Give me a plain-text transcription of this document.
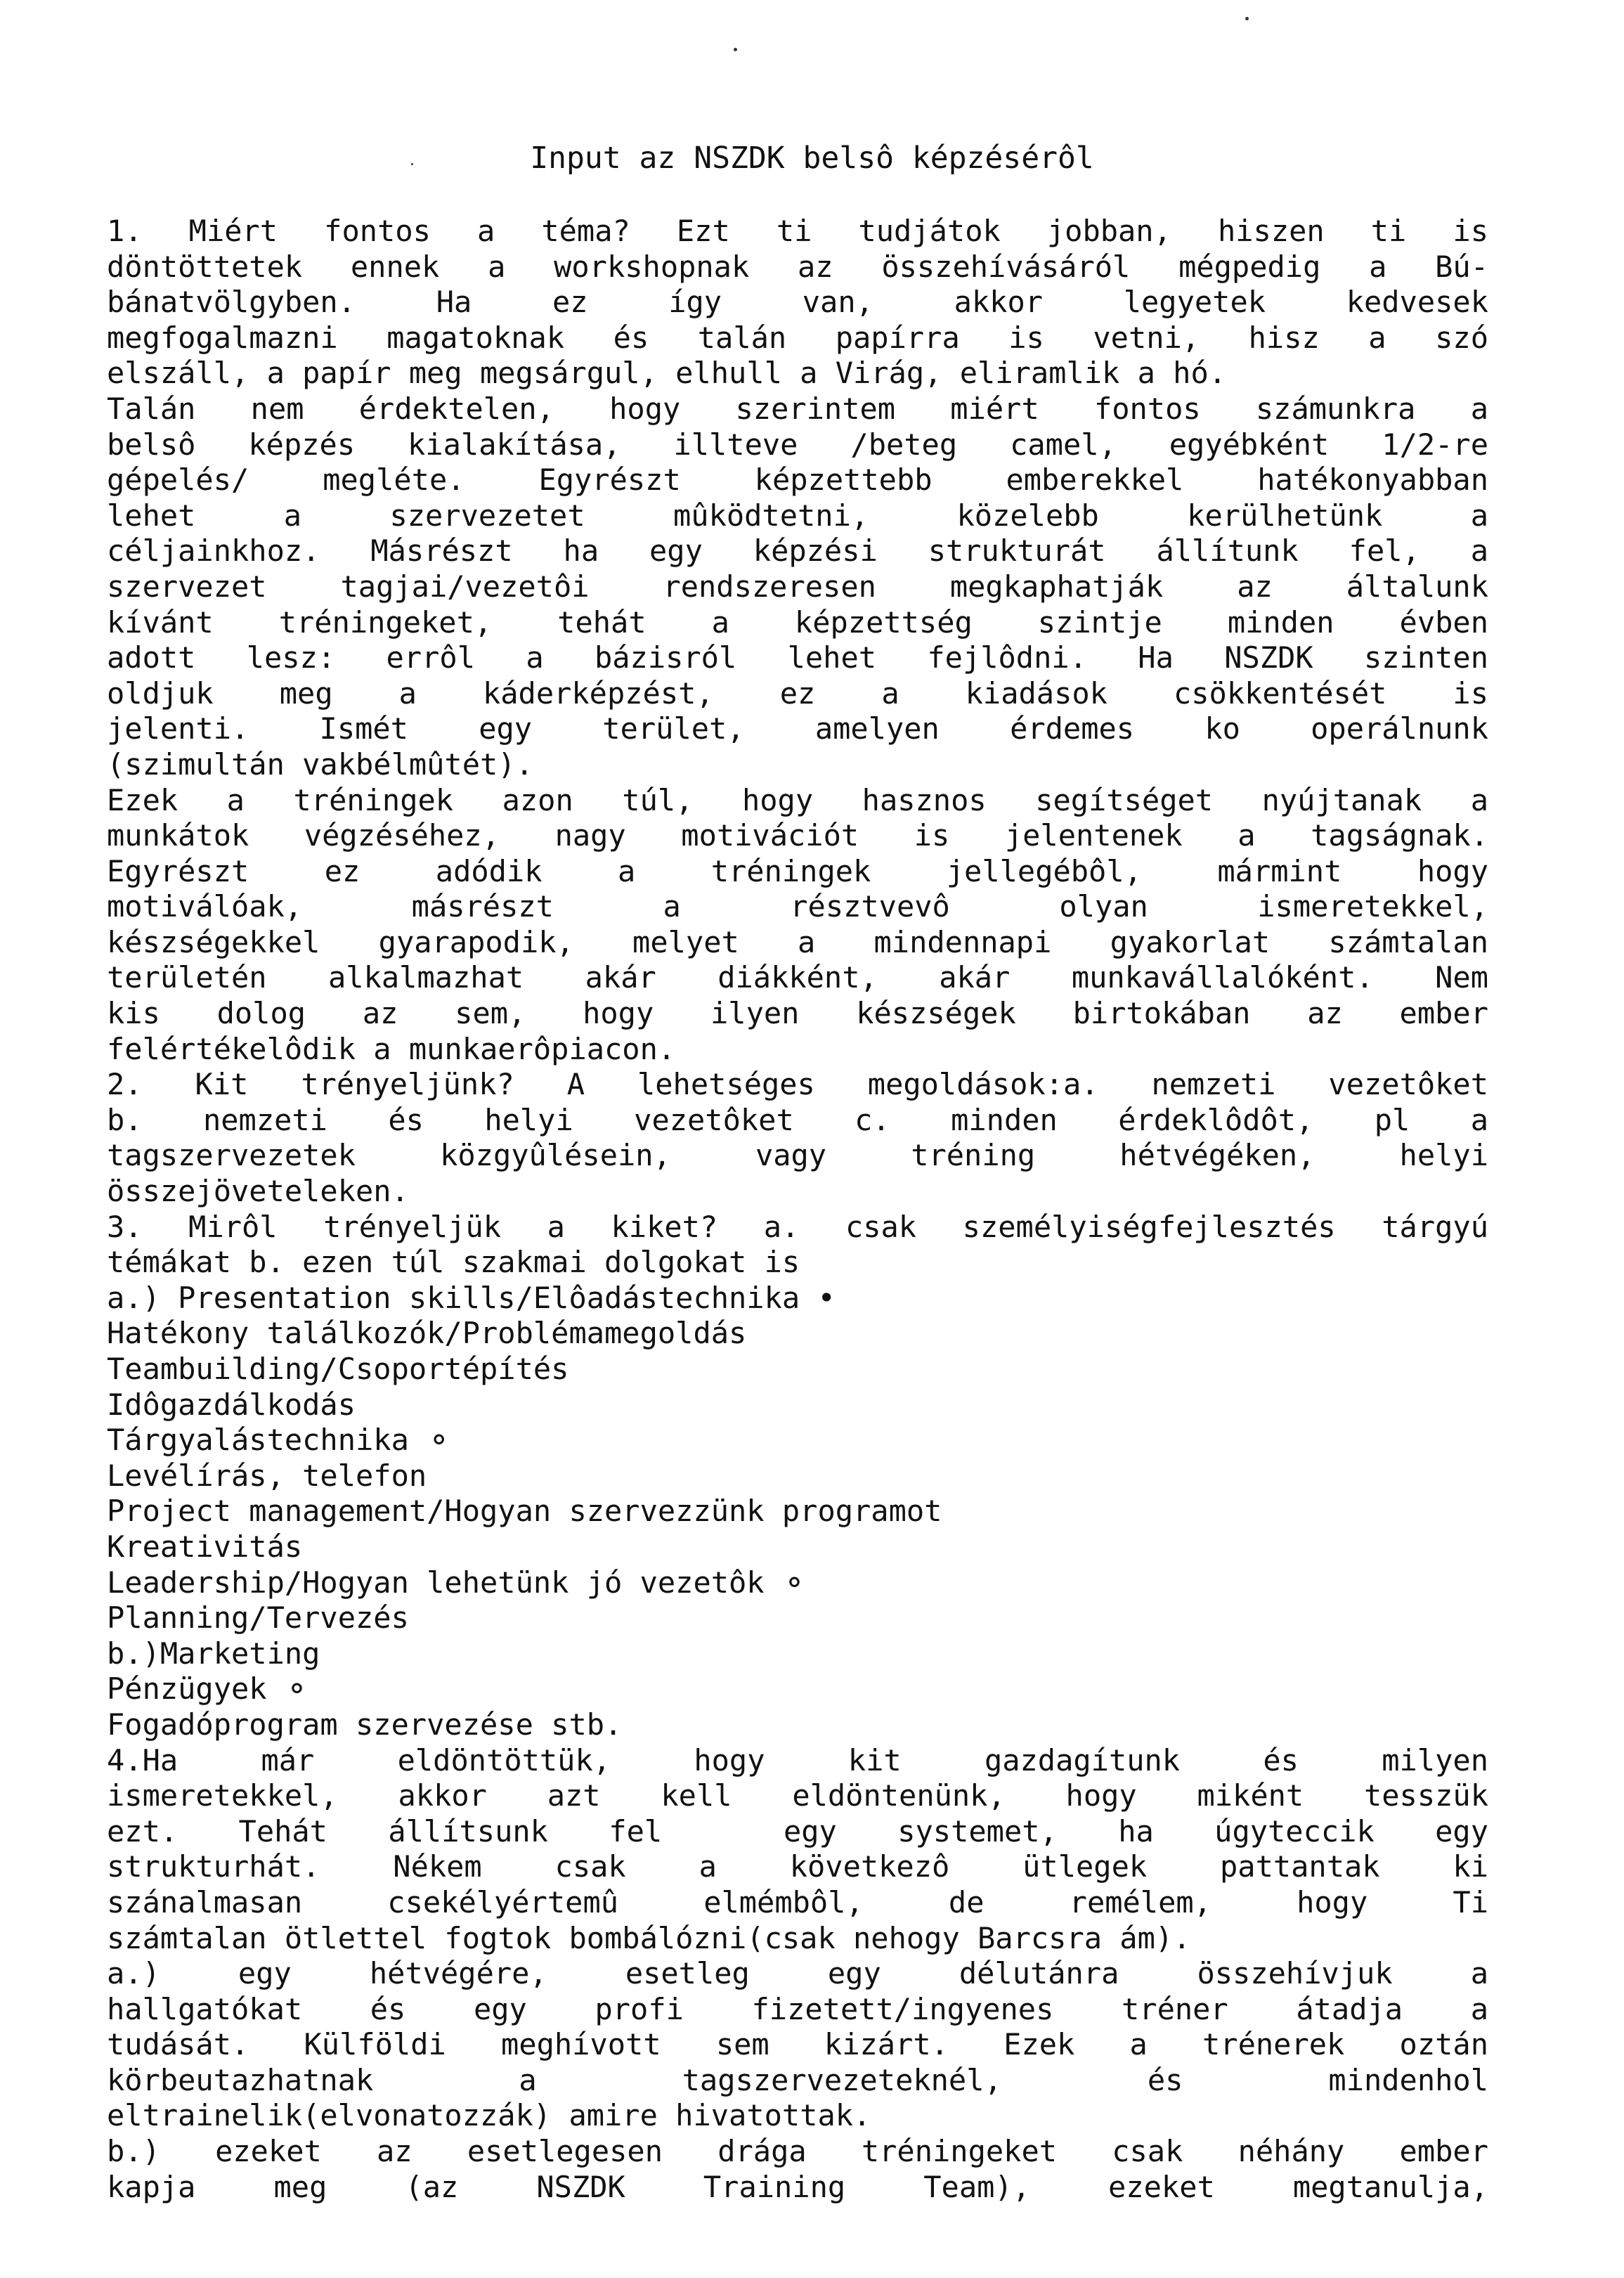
Input az NSZDK belsô képzésérôl
1. Miért fontos a téma? Ezt ti tudjátok jobban, hiszen ti is
döntöttetek ennek a workshopnak az összehívásáról mégpedig a Bú-
bánatvölgyben. Ha ez így van, akkor legyetek kedvesek
megfogalmazni magatoknak és talán papírra is vetni, hisz a szó
elszáll, a papír meg megsárgul, elhull a Virág, eliramlik a hó.
Talán nem érdektelen, hogy szerintem miért fontos számunkra a
belsô képzés kialakítása, illteve /beteg camel, egyébként 1/2-re
gépelés/ megléte. Egyrészt képzettebb emberekkel hatékonyabban
lehet a szervezetet mûködtetni, közelebb kerülhetünk a
céljainkhoz. Másrészt ha egy képzési strukturát állítunk fel, a
szervezet tagjai/vezetôi rendszeresen megkaphatják az általunk
kívánt tréningeket, tehát a képzettség szintje minden évben
adott lesz: errôl a bázisról lehet fejlôdni. Ha NSZDK szinten
oldjuk meg a káderképzést, ez a kiadások csökkentését is
jelenti. Ismét egy terület, amelyen érdemes ko operálnunk
(szimultán vakbélmûtét).
Ezek a tréningek azon túl, hogy hasznos segítséget nyújtanak a
munkátok végzéséhez, nagy motivációt is jelentenek a tagságnak.
Egyrészt ez adódik a tréningek jellegébôl, mármint hogy
motiválóak, másrészt a résztvevô olyan ismeretekkel,
készségekkel gyarapodik, melyet a mindennapi gyakorlat számtalan
területén alkalmazhat akár diákként, akár munkavállalóként. Nem
kis dolog az sem, hogy ilyen készségek birtokában az ember
felértékelôdik a munkaerôpiacon.
2. Kit trényeljünk? A lehetséges megoldások:a. nemzeti vezetôket
b. nemzeti és helyi vezetôket c. minden érdeklôdôt, pl a
tagszervezetek közgyûlésein, vagy tréning hétvégéken, helyi
összejöveteleken.
3. Mirôl trényeljük a kiket? a. csak személyiségfejlesztés tárgyú
témákat b. ezen túl szakmai dolgokat is
a.) Presentation skills/Elôadástechnika •
Hatékony találkozók/Problémamegoldás
Teambuilding/Csoportépítés
Idôgazdálkodás
Tárgyalástechnika ⚬
Levélírás, telefon
Project management/Hogyan szervezzünk programot
Kreativitás
Leadership/Hogyan lehetünk jó vezetôk ⚬
Planning/Tervezés
b.)Marketing
Pénzügyek ⚬
Fogadóprogram szervezése stb.
4.Ha már eldöntöttük, hogy kit gazdagítunk és milyen
ismeretekkel, akkor azt kell eldöntenünk, hogy miként tesszük
ezt. Tehát állítsunk fel  egy systemet, ha úgyteccik egy
strukturhát. Nékem csak a következô ütlegek pattantak ki
szánalmasan csekélyértemû elmémbôl, de remélem, hogy Ti
számtalan ötlettel fogtok bombálózni(csak nehogy Barcsra ám).
a.) egy hétvégére, esetleg egy délutánra összehívjuk a
hallgatókat és egy profi fizetett/ingyenes tréner átadja a
tudását. Külföldi meghívott sem kizárt. Ezek a trénerek oztán
körbeutazhatnak a tagszervezeteknél, és mindenhol
eltrainelik(elvonatozzák) amire hivatottak.
b.) ezeket az esetlegesen drága tréningeket csak néhány ember
kapja meg (az NSZDK Training Team), ezeket megtanulja,
